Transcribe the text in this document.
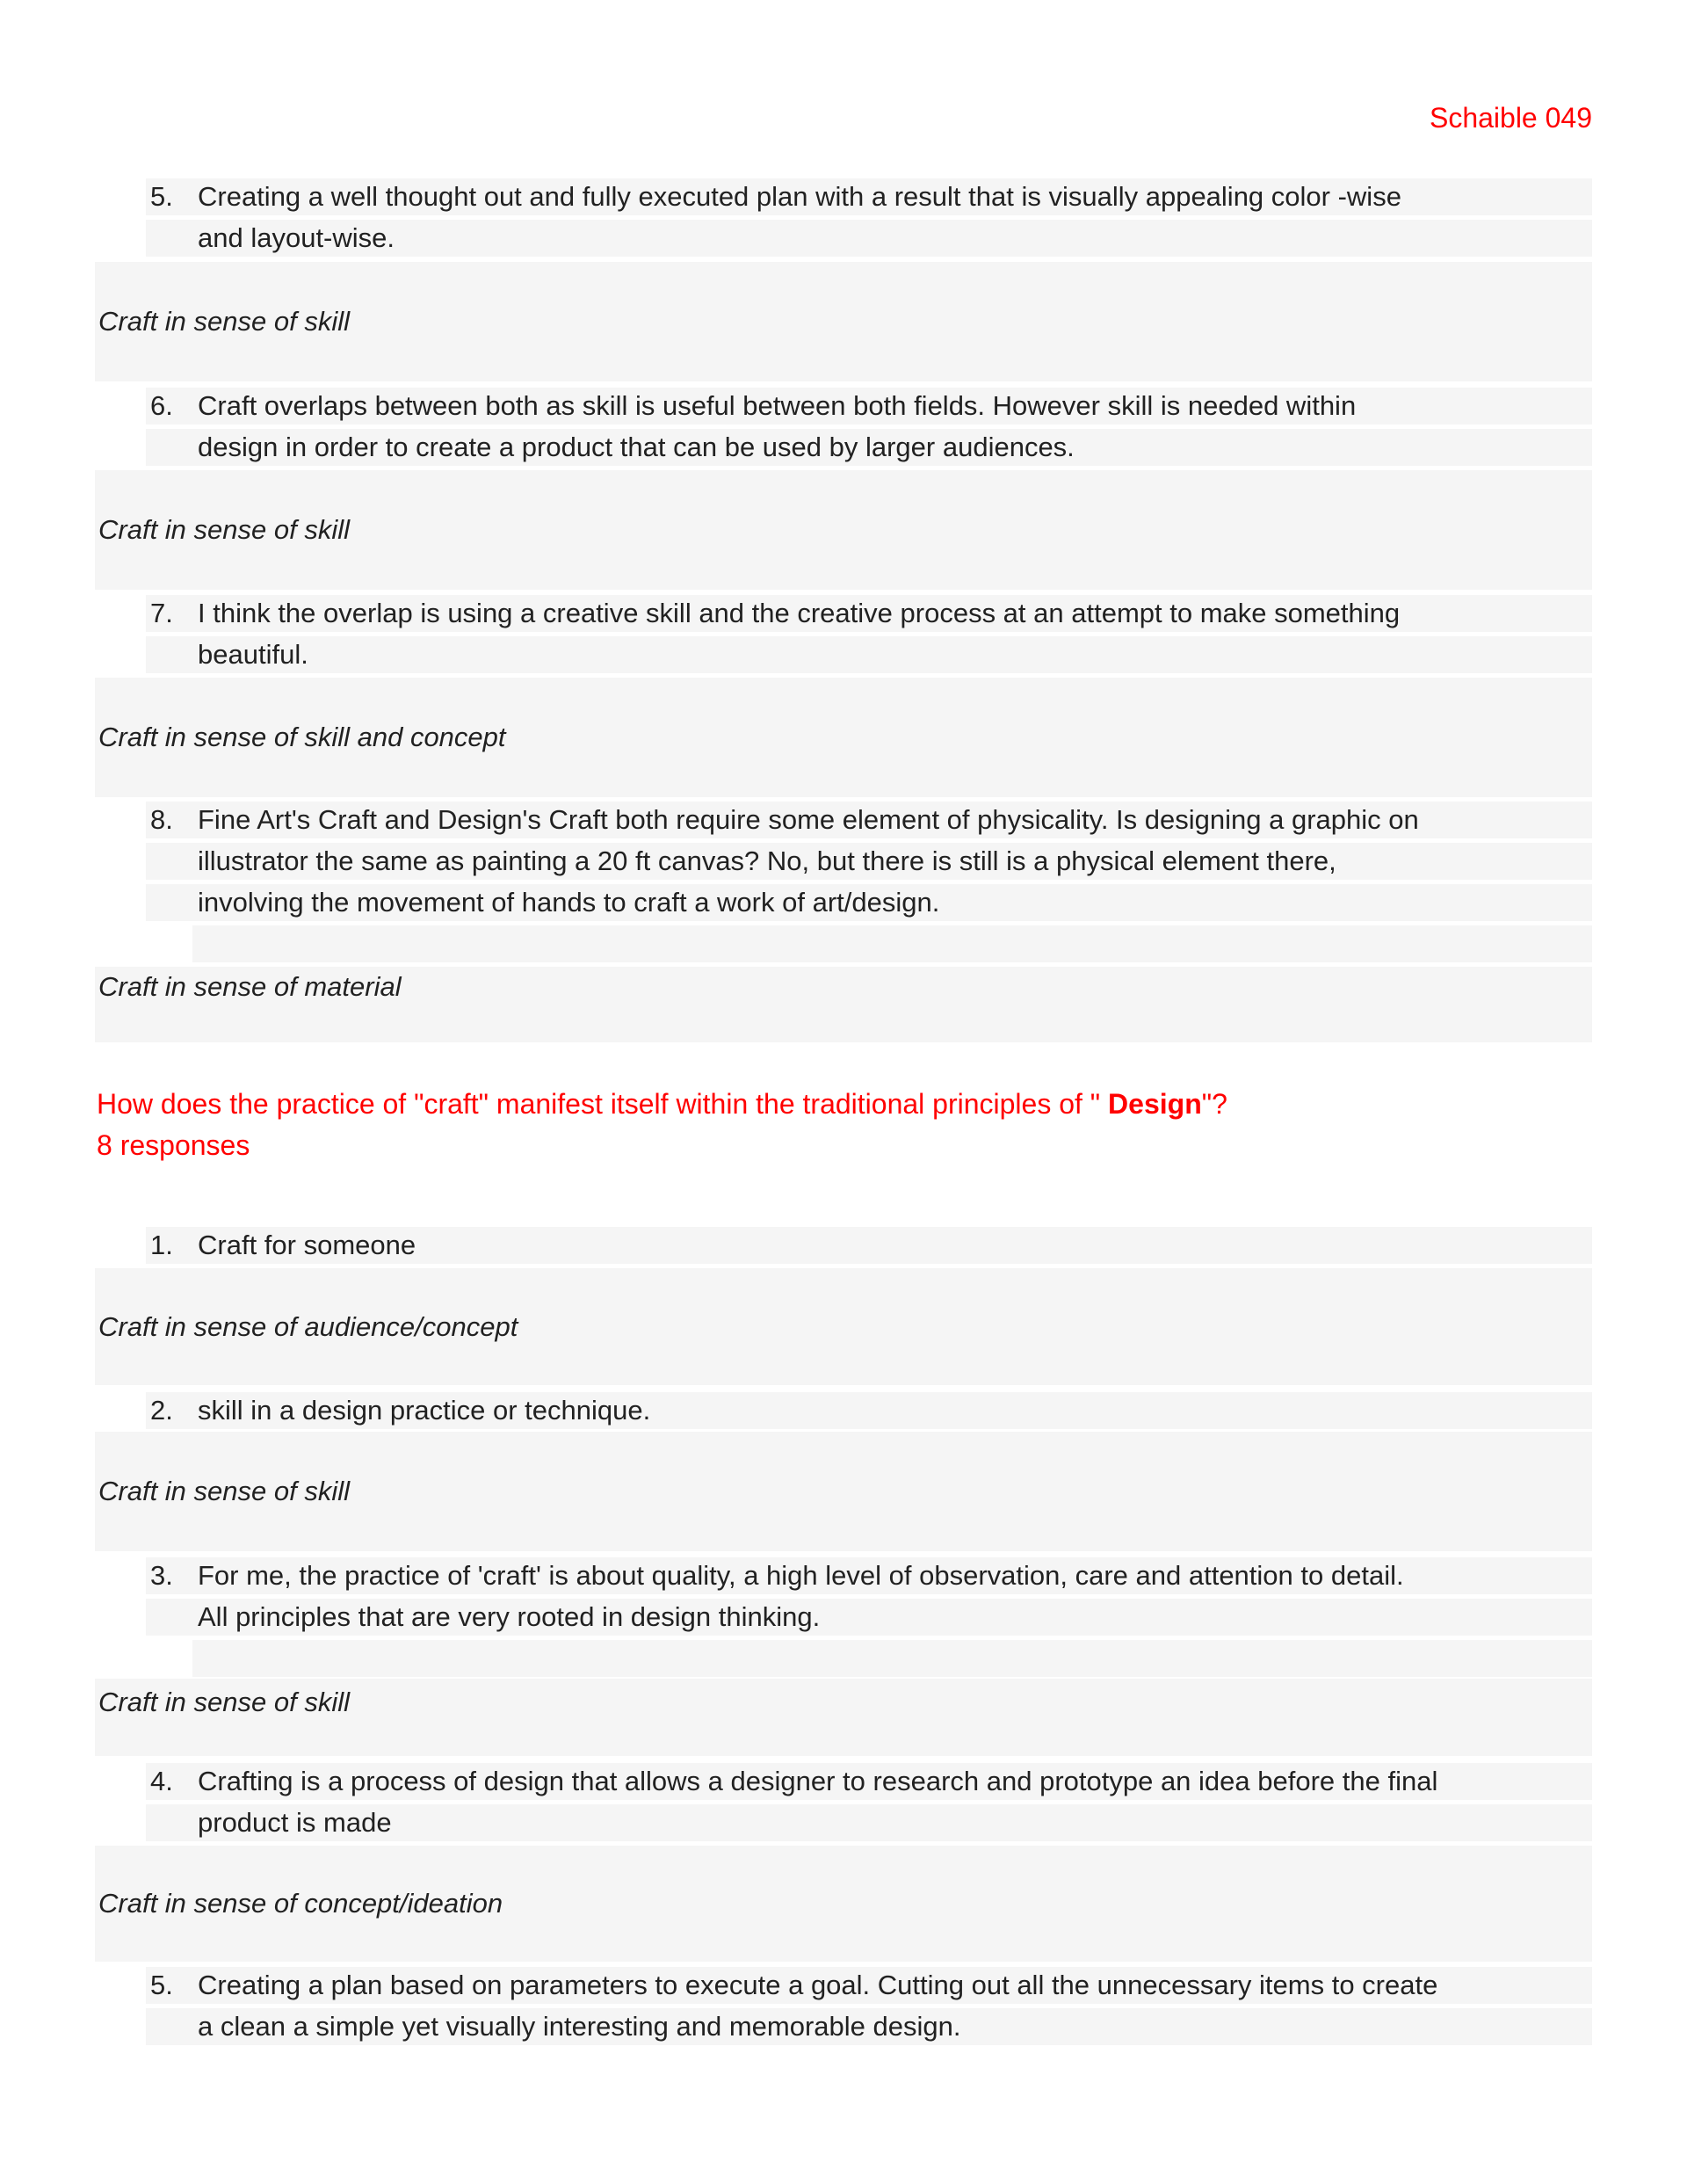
Schaible 049
5. Creating a well thought out and fully executed plan with a result that is visually appealing color -wise
and layout-wise.
Craft in sense of skill
6. Craft overlaps between both as skill is useful between both fields. However skill is needed within
design in order to create a product that can be used by larger audiences.
Craft in sense of skill
7. I think the overlap is using a creative skill and the creative process at an attempt to make something
beautiful.
Craft in sense of skill and concept
8. Fine Art's Craft and Design's Craft both require some element of physicality. Is designing a graphic on
illustrator the same as painting a 20 ft canvas? No, but there is still is a physical element there,
involving the movement of hands to craft a work of art/design.
Craft in sense of material
How does the practice of "craft" manifest itself within the traditional principles of " Design"?
8 responses
1. Craft for someone
Craft in sense of audience/concept
2. skill in a design practice or technique.
Craft in sense of skill
3. For me, the practice of 'craft' is about quality, a high level of observation, care and attention to detail.
All principles that are very rooted in design thinking.
Craft in sense of skill
4. Crafting is a process of design that allows a designer to research and prototype an idea before the final
product is made
Craft in sense of concept/ideation
5. Creating a plan based on parameters to execute a goal. Cutting out all the unnecessary items to create
a clean a simple yet visually interesting and memorable design.
